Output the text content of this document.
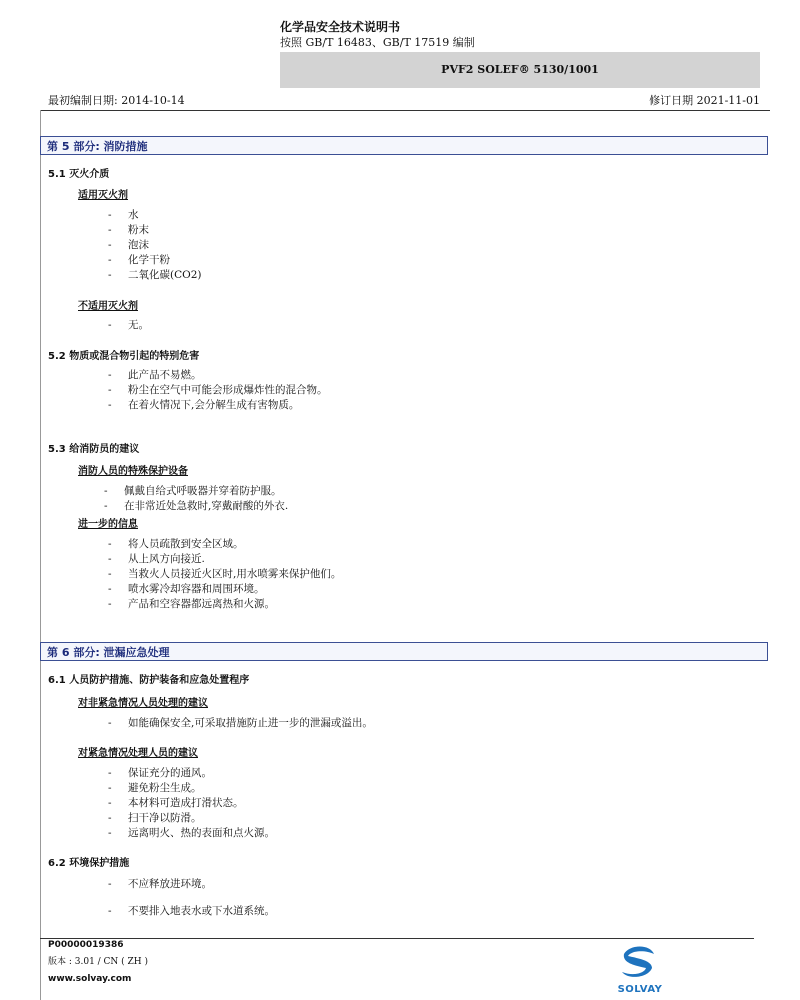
化学品安全技术说明书
按照 GB/T 16483、GB/T 17519 编制
PVF2 SOLEF® 5130/1001
最初编制日期: 2014-10-14	修订日期 2021-11-01
第 5 部分: 消防措施
5.1 灭火介质
适用灭火剂
- 水
- 粉末
- 泡沫
- 化学干粉
- 二氧化碳(CO2)
不适用灭火剂
- 无。
5.2 物质或混合物引起的特别危害
- 此产品不易燃。
- 粉尘在空气中可能会形成爆炸性的混合物。
- 在着火情况下,会分解生成有害物质。
5.3 给消防员的建议
消防人员的特殊保护设备
- 佩戴自给式呼吸器并穿着防护服。
- 在非常近处急救时,穿戴耐酸的外衣.
进一步的信息
- 将人员疏散到安全区域。
- 从上风方向接近.
- 当救火人员接近火区时,用水喷雾来保护他们。
- 喷水雾冷却容器和周围环境。
- 产品和空容器都远离热和火源。
第 6 部分: 泄漏应急处理
6.1 人员防护措施、防护装备和应急处置程序
对非紧急情况人员处理的建议
- 如能确保安全,可采取措施防止进一步的泄漏或溢出。
对紧急情况处理人员的建议
- 保证充分的通风。
- 避免粉尘生成。
- 本材料可造成打滑状态。
- 扫干净以防滑。
- 远离明火、热的表面和点火源。
6.2 环境保护措施
- 不应释放进环境。
- 不要排入地表水或下水道系统。
P00000019386
版本 : 3.01 / CN ( ZH )
www.solvay.com
SOLVAY
